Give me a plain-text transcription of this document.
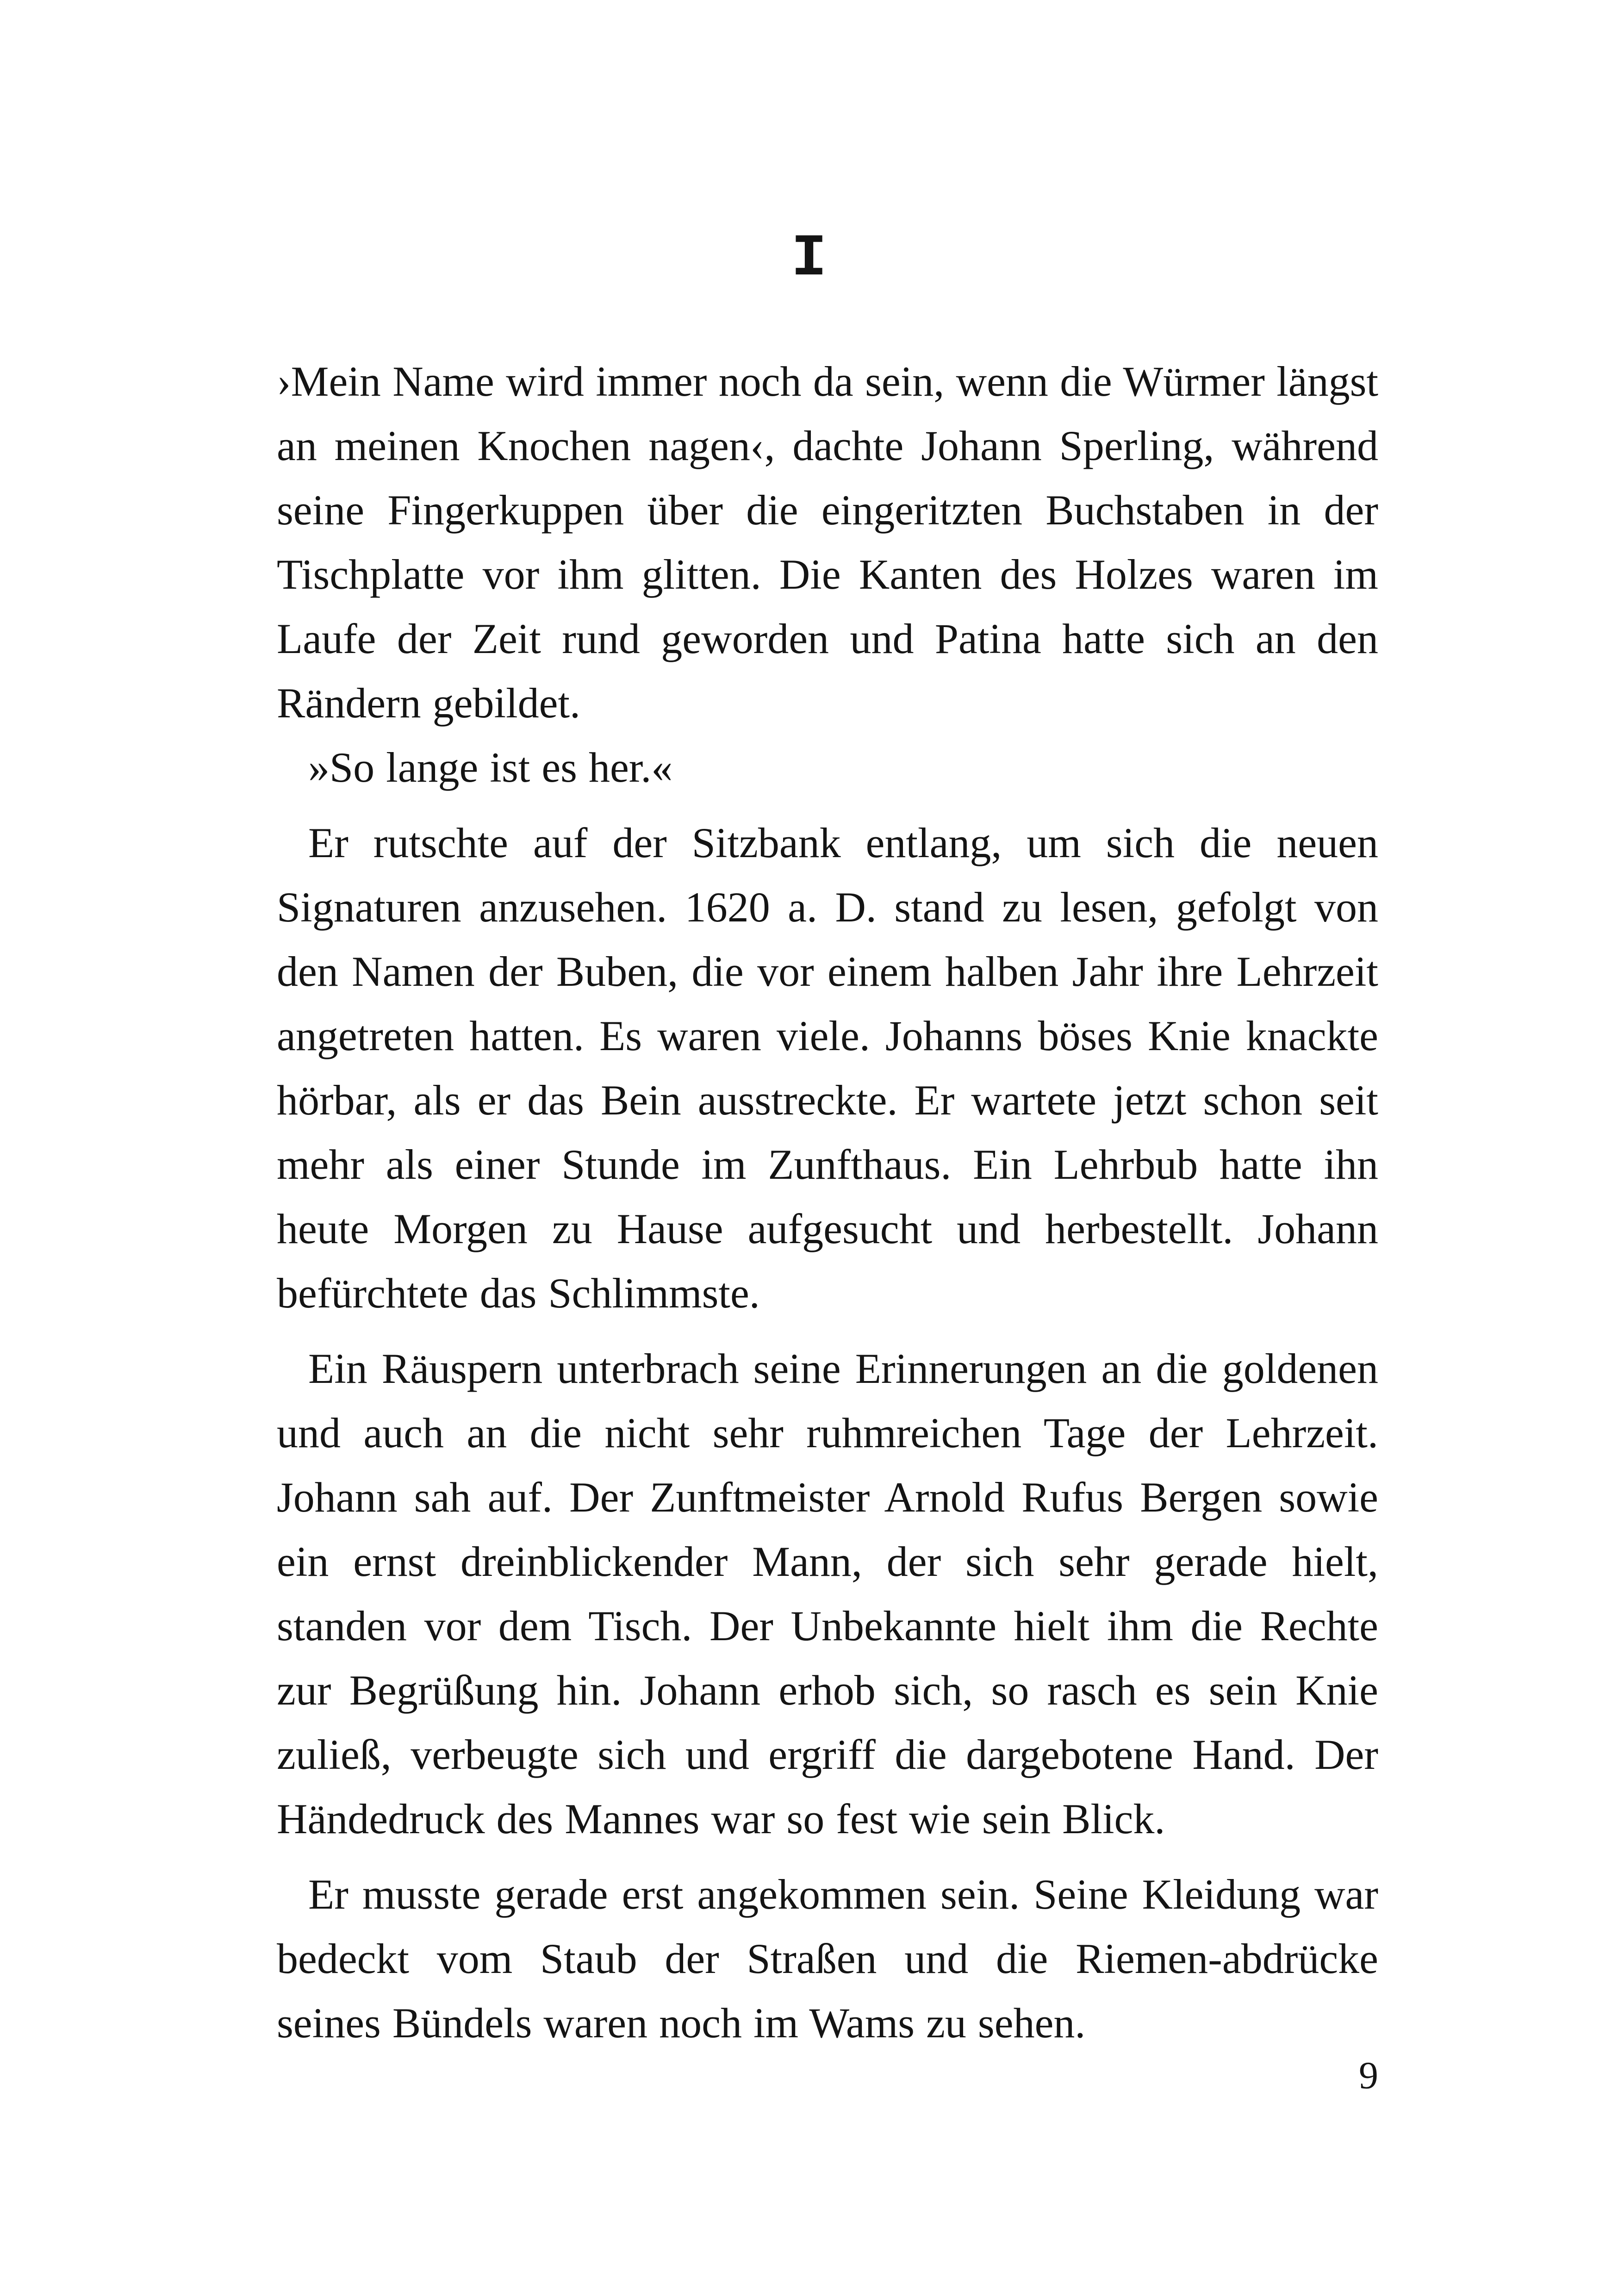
I

›Mein Name wird immer noch da sein, wenn die Würmer längst an meinen Knochen nagen‹, dachte Johann Sperling, während seine Fingerkuppen über die eingeritzten Buchstaben in der Tischplatte vor ihm glitten. Die Kanten des Holzes waren im Laufe der Zeit rund geworden und Patina hatte sich an den Rändern gebildet.

»So lange ist es her.«

Er rutschte auf der Sitzbank entlang, um sich die neuen Signaturen anzusehen. 1620 a. D. stand zu lesen, gefolgt von den Namen der Buben, die vor einem halben Jahr ihre Lehrzeit angetreten hatten. Es waren viele. Johanns böses Knie knackte hörbar, als er das Bein ausstreckte. Er wartete jetzt schon seit mehr als einer Stunde im Zunfthaus. Ein Lehrbub hatte ihn heute Morgen zu Hause aufgesucht und herbestellt. Johann befürchtete das Schlimmste.

Ein Räuspern unterbrach seine Erinnerungen an die goldenen und auch an die nicht sehr ruhmreichen Tage der Lehrzeit. Johann sah auf. Der Zunftmeister Arnold Rufus Bergen sowie ein ernst dreinblickender Mann, der sich sehr gerade hielt, standen vor dem Tisch. Der Unbekannte hielt ihm die Rechte zur Begrüßung hin. Johann erhob sich, so rasch es sein Knie zuließ, verbeugte sich und ergriff die dargebotene Hand. Der Händedruck des Mannes war so fest wie sein Blick.

Er musste gerade erst angekommen sein. Seine Kleidung war bedeckt vom Staub der Straßen und die Riemen-abdrücke seines Bündels waren noch im Wams zu sehen.

9
